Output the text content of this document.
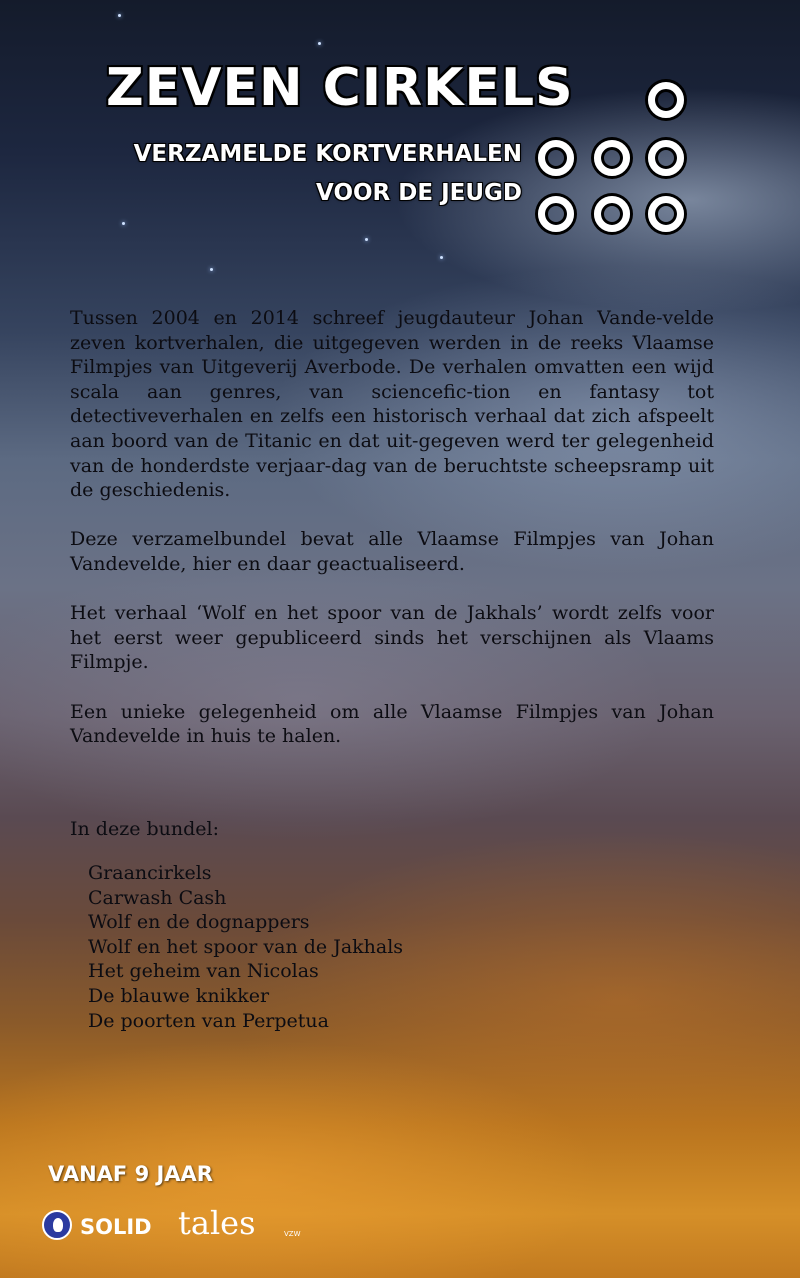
ZEVEN CIRKELS
VERZAMELDE KORTVERHALEN
VOOR DE JEUGD

Tussen 2004 en 2014 schreef jeugdauteur Johan Vande-velde zeven kortverhalen, die uitgegeven werden in de reeks Vlaamse Filmpjes van Uitgeverij Averbode. De verhalen omvatten een wijd scala aan genres, van sciencefic-tion en fantasy tot detectiveverhalen en zelfs een historisch verhaal dat zich afspeelt aan boord van de Titanic en dat uit-gegeven werd ter gelegenheid van de honderdste verjaar-dag van de beruchtste scheepsramp uit de geschiedenis.

Deze verzamelbundel bevat alle Vlaamse Filmpjes van Johan Vandevelde, hier en daar geactualiseerd.

Het verhaal ‘Wolf en het spoor van de Jakhals’ wordt zelfs voor het eerst weer gepubliceerd sinds het verschijnen als Vlaams Filmpje.

Een unieke gelegenheid om alle Vlaamse Filmpjes van Johan Vandevelde in huis te halen.

In deze bundel:

Graancirkels
Carwash Cash
Wolf en de dognappers
Wolf en het spoor van de Jakhals
Het geheim van Nicolas
De blauwe knikker
De poorten van Perpetua

VANAF 9 JAAR

SOLID tales	VZW
